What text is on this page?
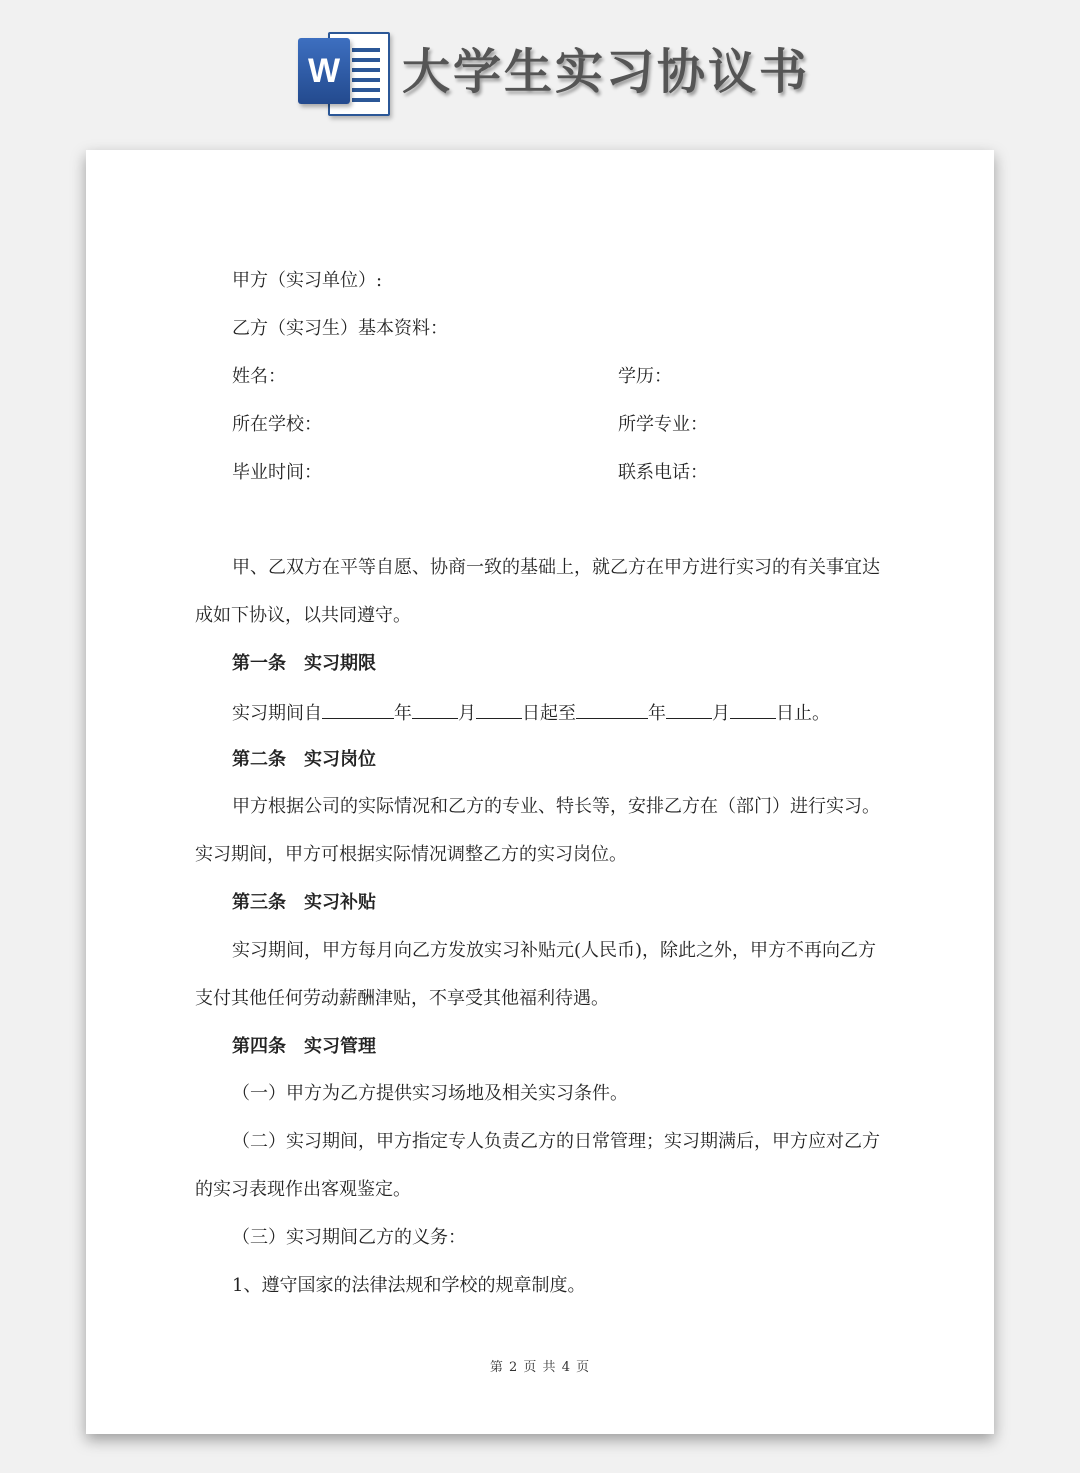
W 大学生实习协议书
甲方（实习单位）:
乙方（实习生）基本资料：
姓名：	学历：
所在学校：	所学专业：
毕业时间：	联系电话：
甲、乙双方在平等自愿、协商一致的基础上，就乙方在甲方进行实习的有关事宜达
成如下协议，以共同遵守。
第一条　实习期限
实习期间自	年	月	日起至	年	月	日止。
第二条　实习岗位
甲方根据公司的实际情况和乙方的专业、特长等，安排乙方在（部门）进行实习。
实习期间，甲方可根据实际情况调整乙方的实习岗位。
第三条　实习补贴
实习期间，甲方每月向乙方发放实习补贴元(人民币)，除此之外，甲方不再向乙方
支付其他任何劳动薪酬津贴，不享受其他福利待遇。
第四条　实习管理
（一）甲方为乙方提供实习场地及相关实习条件。
（二）实习期间，甲方指定专人负责乙方的日常管理；实习期满后，甲方应对乙方
的实习表现作出客观鉴定。
（三）实习期间乙方的义务：
1、遵守国家的法律法规和学校的规章制度。
第 2 页 共 4 页
